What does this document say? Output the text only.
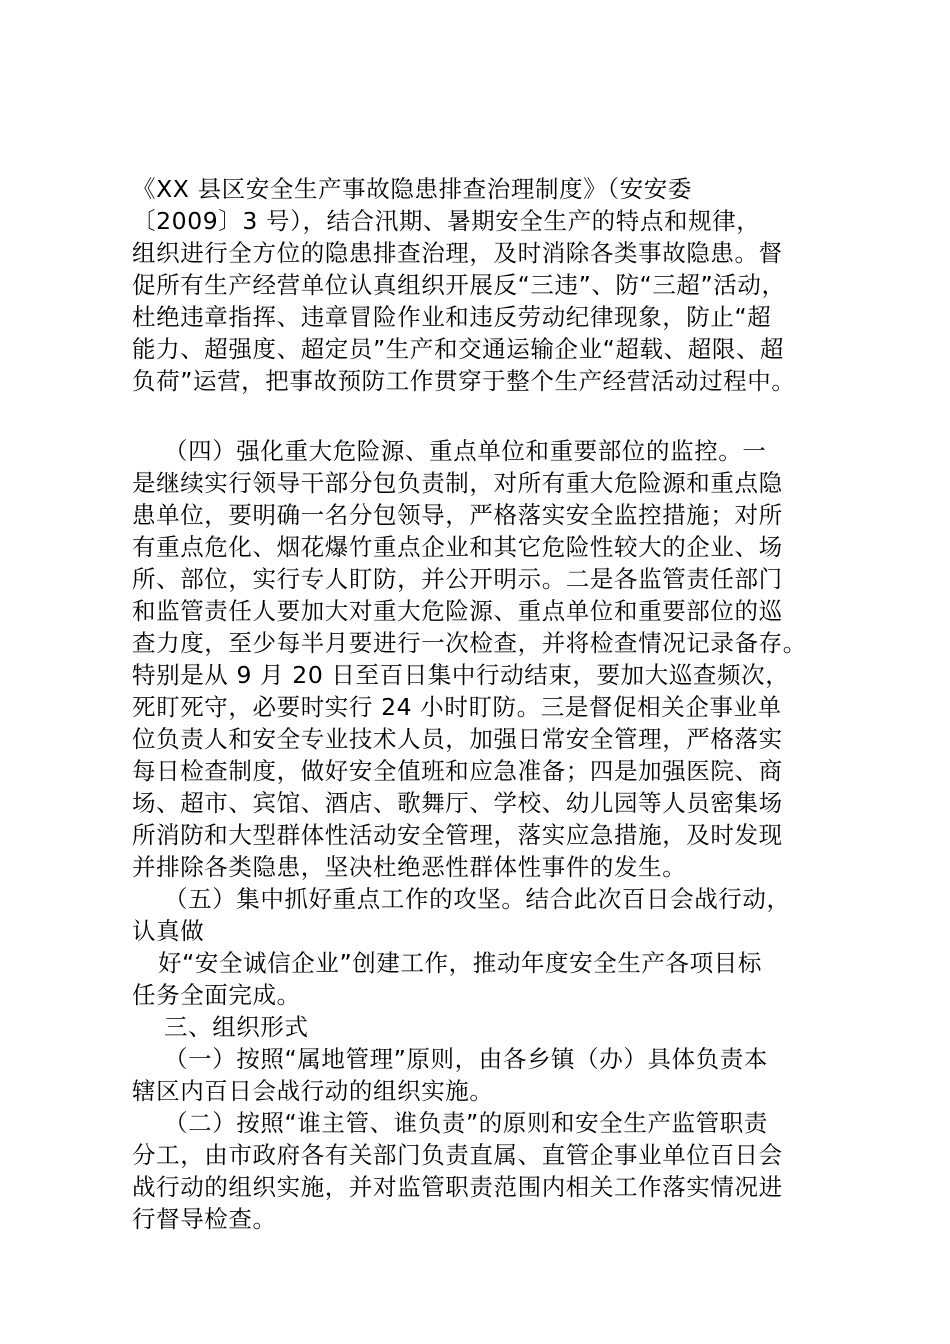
《XX 县区安全生产事故隐患排查治理制度》（安安委

〔2009〕3 号），结合汛期、暑期安全生产的特点和规律，

组织进行全方位的隐患排查治理，及时消除各类事故隐患。督

促所有生产经营单位认真组织开展反“三违”、防“三超”活动，

杜绝违章指挥、违章冒险作业和违反劳动纪律现象，防止“超

能力、超强度、超定员”生产和交通运输企业“超载、超限、超

负荷”运营，把事故预防工作贯穿于整个生产经营活动过程中。

（四）强化重大危险源、重点单位和重要部位的监控。一

是继续实行领导干部分包负责制，对所有重大危险源和重点隐

患单位，要明确一名分包领导，严格落实安全监控措施；对所

有重点危化、烟花爆竹重点企业和其它危险性较大的企业、场

所、部位，实行专人盯防，并公开明示。二是各监管责任部门

和监管责任人要加大对重大危险源、重点单位和重要部位的巡

查力度，至少每半月要进行一次检查，并将检查情况记录备存。

特别是从 9 月 20 日至百日集中行动结束，要加大巡查频次，

死盯死守，必要时实行 24 小时盯防。三是督促相关企事业单

位负责人和安全专业技术人员，加强日常安全管理，严格落实

每日检查制度，做好安全值班和应急准备；四是加强医院、商

场、超市、宾馆、酒店、歌舞厅、学校、幼儿园等人员密集场

所消防和大型群体性活动安全管理，落实应急措施，及时发现

并排除各类隐患，坚决杜绝恶性群体性事件的发生。

（五）集中抓好重点工作的攻坚。结合此次百日会战行动，

认真做

好“安全诚信企业”创建工作，推动年度安全生产各项目标

任务全面完成。

三、组织形式

（一）按照“属地管理”原则，由各乡镇（办）具体负责本

辖区内百日会战行动的组织实施。

（二）按照“谁主管、谁负责”的原则和安全生产监管职责

分工，由市政府各有关部门负责直属、直管企事业单位百日会

战行动的组织实施，并对监管职责范围内相关工作落实情况进

行督导检查。
